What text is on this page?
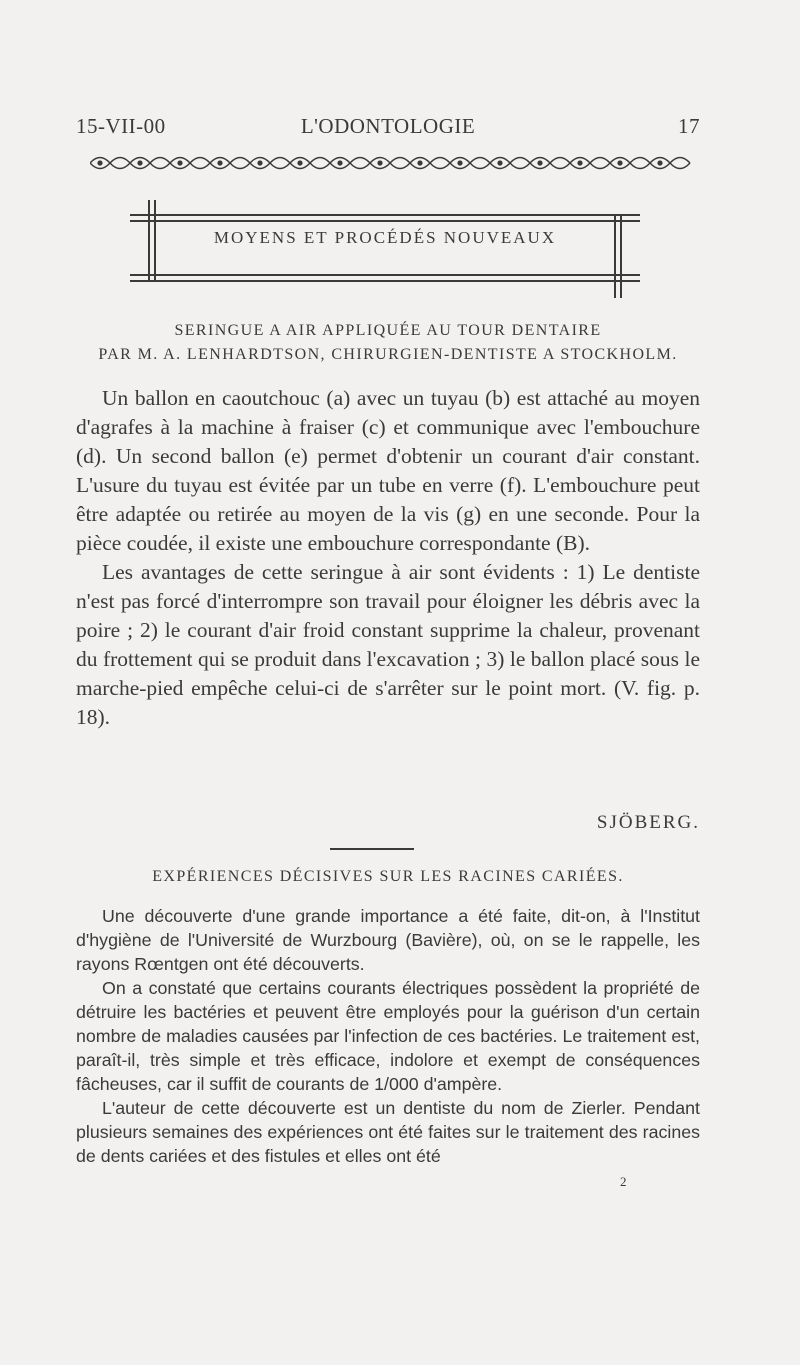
15-VII-00	L'ODONTOLOGIE	17
MOYENS ET PROCÉDÉS NOUVEAUX
SERINGUE A AIR APPLIQUÉE AU TOUR DENTAIRE
PAR M. A. LENHARDTSON, CHIRURGIEN-DENTISTE A STOCKHOLM.

Un ballon en caoutchouc (a) avec un tuyau (b) est attaché au moyen d'agrafes à la machine à fraiser (c) et communique avec l'embouchure (d). Un second ballon (e) permet d'obtenir un courant d'air constant. L'usure du tuyau est évitée par un tube en verre (f). L'embouchure peut être adaptée ou retirée au moyen de la vis (g) en une seconde. Pour la pièce coudée, il existe une embouchure correspondante (B).

Les avantages de cette seringue à air sont évidents : 1) Le dentiste n'est pas forcé d'interrompre son travail pour éloigner les débris avec la poire ; 2) le courant d'air froid constant supprime la chaleur, provenant du frottement qui se produit dans l'excavation ; 3) le ballon placé sous le marche-pied empêche celui-ci de s'arrêter sur le point mort. (V. fig. p. 18).

SJÖBERG.
EXPÉRIENCES DÉCISIVES SUR LES RACINES CARIÉES.

Une découverte d'une grande importance a été faite, dit-on, à l'Institut d'hygiène de l'Université de Wurzbourg (Bavière), où, on se le rappelle, les rayons Rœntgen ont été découverts.

On a constaté que certains courants électriques possèdent la propriété de détruire les bactéries et peuvent être employés pour la guérison d'un certain nombre de maladies causées par l'infection de ces bactéries. Le traitement est, paraît-il, très simple et très efficace, indolore et exempt de conséquences fâcheuses, car il suffit de courants de 1/000 d'ampère.

L'auteur de cette découverte est un dentiste du nom de Zierler. Pendant plusieurs semaines des expériences ont été faites sur le traitement des racines de dents cariées et des fistules et elles ont été

2
